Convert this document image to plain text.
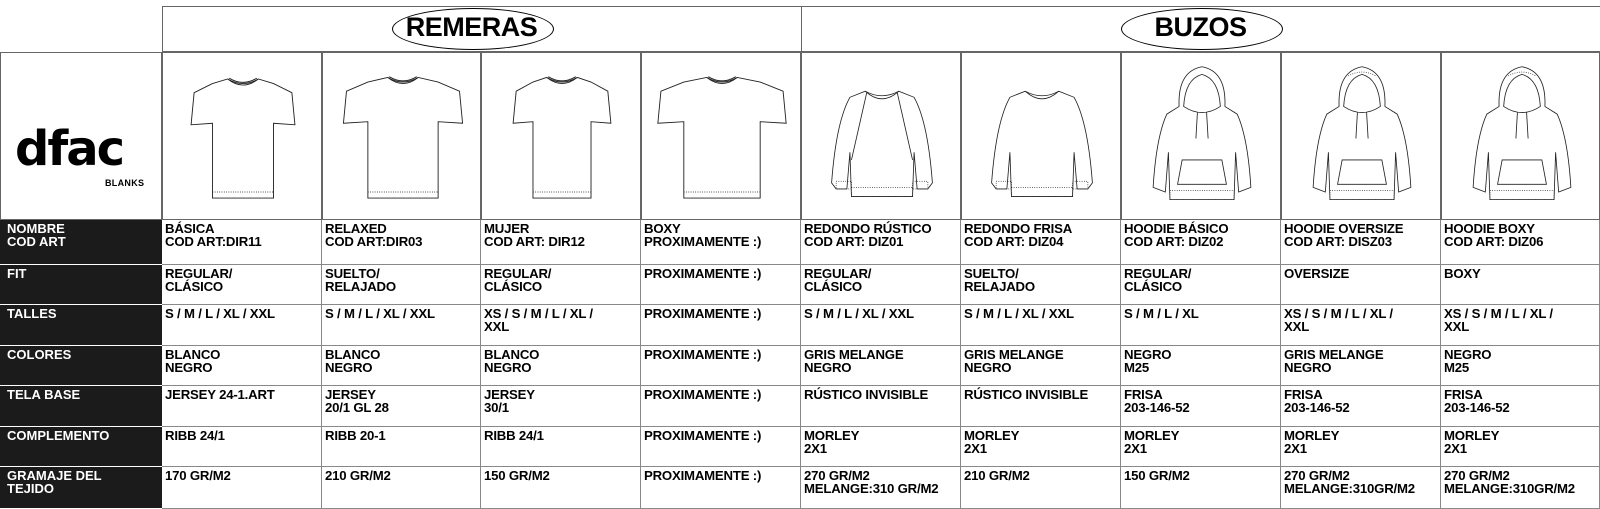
dfac
BLANKS
REMERAS	BUZOS
NOMBRE
COD ART
FIT
TALLES
COLORES
TELA BASE
COMPLEMENTO
GRAMAJE DEL
TEJIDO
BÁSICA
COD ART:DIR11
REGULAR/
CLÁSICO
S / M / L / XL / XXL
BLANCO
NEGRO
JERSEY 24-1.ART
RIBB 24/1
170 GR/M2
RELAXED
COD ART:DIR03
SUELTO/
RELAJADO
S / M / L / XL / XXL
BLANCO
NEGRO
JERSEY
20/1 GL 28
RIBB 20-1
210 GR/M2
MUJER
COD ART: DIR12
REGULAR/
CLÁSICO
XS / S / M / L / XL /
XXL
BLANCO
NEGRO
JERSEY
30/1
RIBB 24/1
150 GR/M2
BOXY
PROXIMAMENTE :)
PROXIMAMENTE :)
PROXIMAMENTE :)
PROXIMAMENTE :)
PROXIMAMENTE :)
PROXIMAMENTE :)
PROXIMAMENTE :)
REDONDO RÚSTICO
COD ART: DIZ01
REGULAR/
CLÁSICO
S / M / L / XL / XXL
GRIS MELANGE
NEGRO
RÚSTICO INVISIBLE
MORLEY
2X1
270 GR/M2
MELANGE:310 GR/M2
REDONDO FRISA
COD ART: DIZ04
SUELTO/
RELAJADO
S / M / L / XL / XXL
GRIS MELANGE
NEGRO
RÚSTICO INVISIBLE
MORLEY
2X1
210 GR/M2
HOODIE BÁSICO
COD ART: DIZ02
REGULAR/
CLÁSICO
S / M / L / XL
NEGRO
M25
FRISA
203-146-52
MORLEY
2X1
150 GR/M2
HOODIE OVERSIZE
COD ART: DISZ03
OVERSIZE
XS / S / M / L / XL /
XXL
GRIS MELANGE
NEGRO
FRISA
203-146-52
MORLEY
2X1
270 GR/M2
MELANGE:310GR/M2
HOODIE BOXY
COD ART: DIZ06
BOXY
XS / S / M / L / XL /
XXL
NEGRO
M25
FRISA
203-146-52
MORLEY
2X1
270 GR/M2
MELANGE:310GR/M2
